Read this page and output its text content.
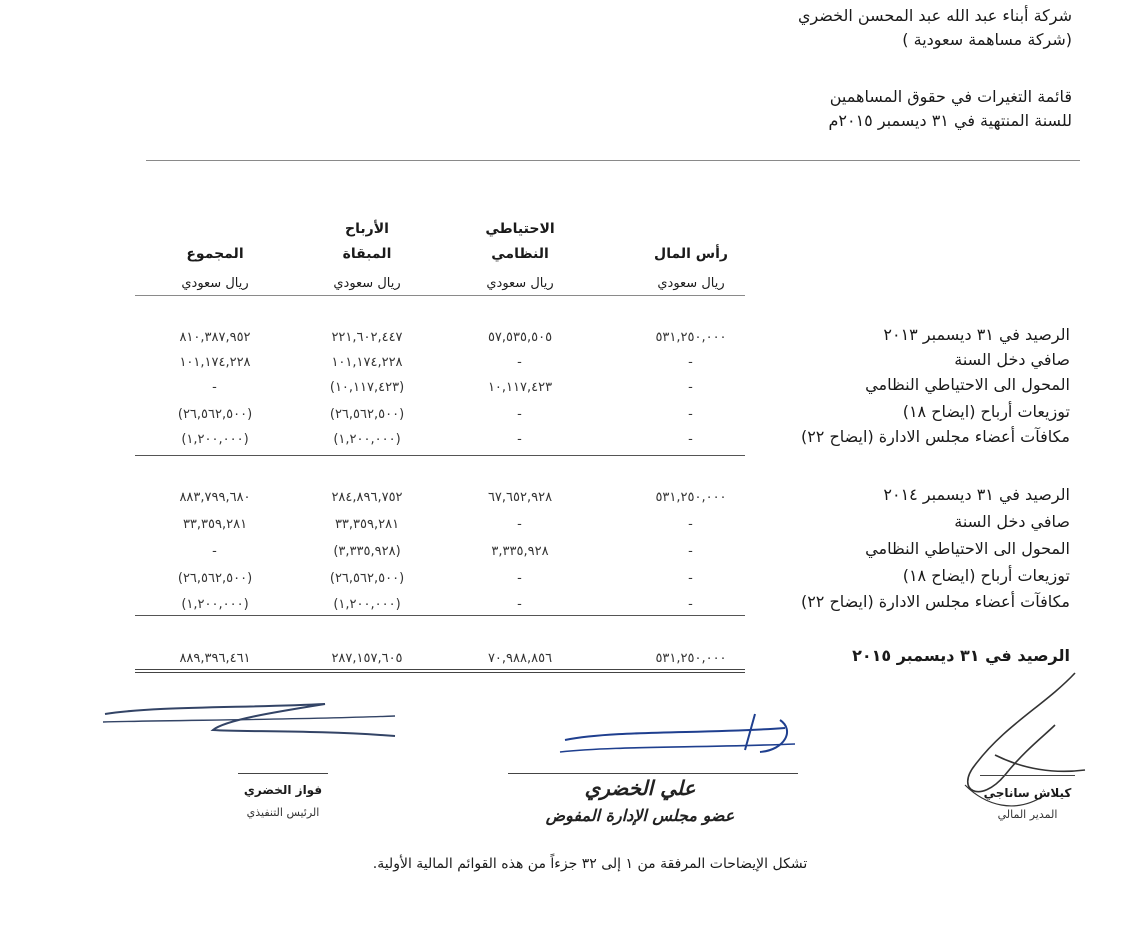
شركة أبناء عبد الله عبد المحسن الخضري
(شركة مساهمة سعودية )
قائمة التغيرات في حقوق المساهمين
للسنة المنتهية في ٣١ ديسمبر ٢٠١٥م
رأس المال
ريال سعودي
الاحتياطي
النظامي
ريال سعودي
الأرباح
المبقاة
ريال سعودي
المجموع
ريال سعودي
الرصيد في ٣١ ديسمبر ٢٠١٣
٥٣١,٢٥٠,٠٠٠
٥٧,٥٣٥,٥٠٥
٢٢١,٦٠٢,٤٤٧
٨١٠,٣٨٧,٩٥٢
صافي دخل السنة
-
-
١٠١,١٧٤,٢٢٨
١٠١,١٧٤,٢٢٨
المحول الى الاحتياطي النظامي
-
١٠,١١٧,٤٢٣
(١٠,١١٧,٤٢٣)
-
توزيعات أرباح (ايضاح ١٨)
-
-
(٢٦,٥٦٢,٥٠٠)
(٢٦,٥٦٢,٥٠٠)
مكافآت أعضاء مجلس الادارة (ايضاح ٢٢)
-
-
(١,٢٠٠,٠٠٠)
(١,٢٠٠,٠٠٠)
الرصيد في ٣١ ديسمبر ٢٠١٤
٥٣١,٢٥٠,٠٠٠
٦٧,٦٥٢,٩٢٨
٢٨٤,٨٩٦,٧٥٢
٨٨٣,٧٩٩,٦٨٠
صافي دخل السنة
-
-
٣٣,٣٥٩,٢٨١
٣٣,٣٥٩,٢٨١
المحول الى الاحتياطي النظامي
-
٣,٣٣٥,٩٢٨
(٣,٣٣٥,٩٢٨)
-
توزيعات أرباح (ايضاح ١٨)
-
-
(٢٦,٥٦٢,٥٠٠)
(٢٦,٥٦٢,٥٠٠)
مكافآت أعضاء مجلس الادارة (ايضاح ٢٢)
-
-
(١,٢٠٠,٠٠٠)
(١,٢٠٠,٠٠٠)
الرصيد في ٣١ ديسمبر ٢٠١٥
٥٣١,٢٥٠,٠٠٠
٧٠,٩٨٨,٨٥٦
٢٨٧,١٥٧,٦٠٥
٨٨٩,٣٩٦,٤٦١
فواز الخضري
الرئيس التنفيذي
علي الخضري
عضو مجلس الإدارة المفوض
كيلاش ساناجي
المدير المالي
تشكل الإيضاحات المرفقة من ١ إلى ٣٢ جزءاً من هذه القوائم المالية الأولية.
